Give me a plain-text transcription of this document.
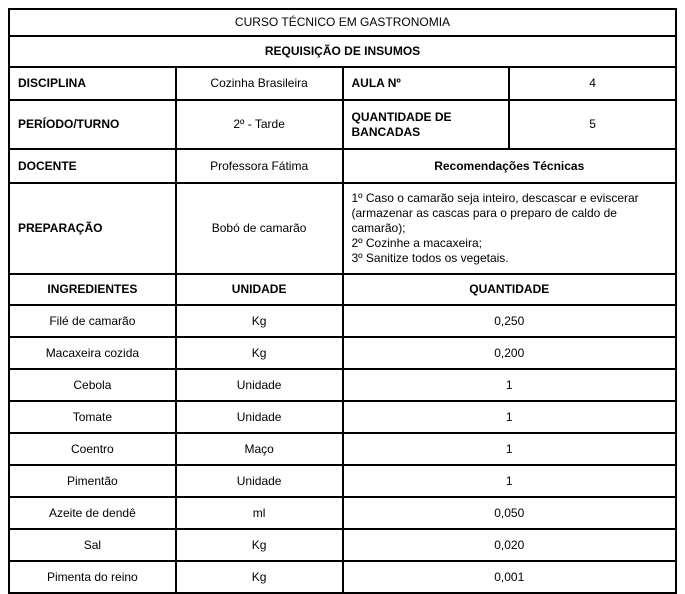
CURSO TÉCNICO EM GASTRONOMIA			
REQUISIÇÃO DE INSUMOS			
DISCIPLINA	Cozinha Brasileira	AULA Nº	4
PERÍODO/TURNO	2º - Tarde	QUANTIDADE DE BANCADAS	5
DOCENTE	Professora Fátima	Recomendações Técnicas	
PREPARAÇÃO	Bobó de camarão	1º Caso o camarão seja inteiro, descascar e eviscerar (armazenar as cascas para o preparo de caldo de camarão);
2º Cozinhe a macaxeira;
3º Sanitize todos os vegetais.	

INGREDIENTES	UNIDADE	QUANTIDADE	
Filé de camarão	Kg	0,250	
Macaxeira cozida	Kg	0,200	
Cebola	Unidade	1	
Tomate	Unidade	1	
Coentro	Maço	1	
Pimentão	Unidade	1	
Azeite de dendê	ml	0,050	
Sal	Kg	0,020	
Pimenta do reino	Kg	0,001	
